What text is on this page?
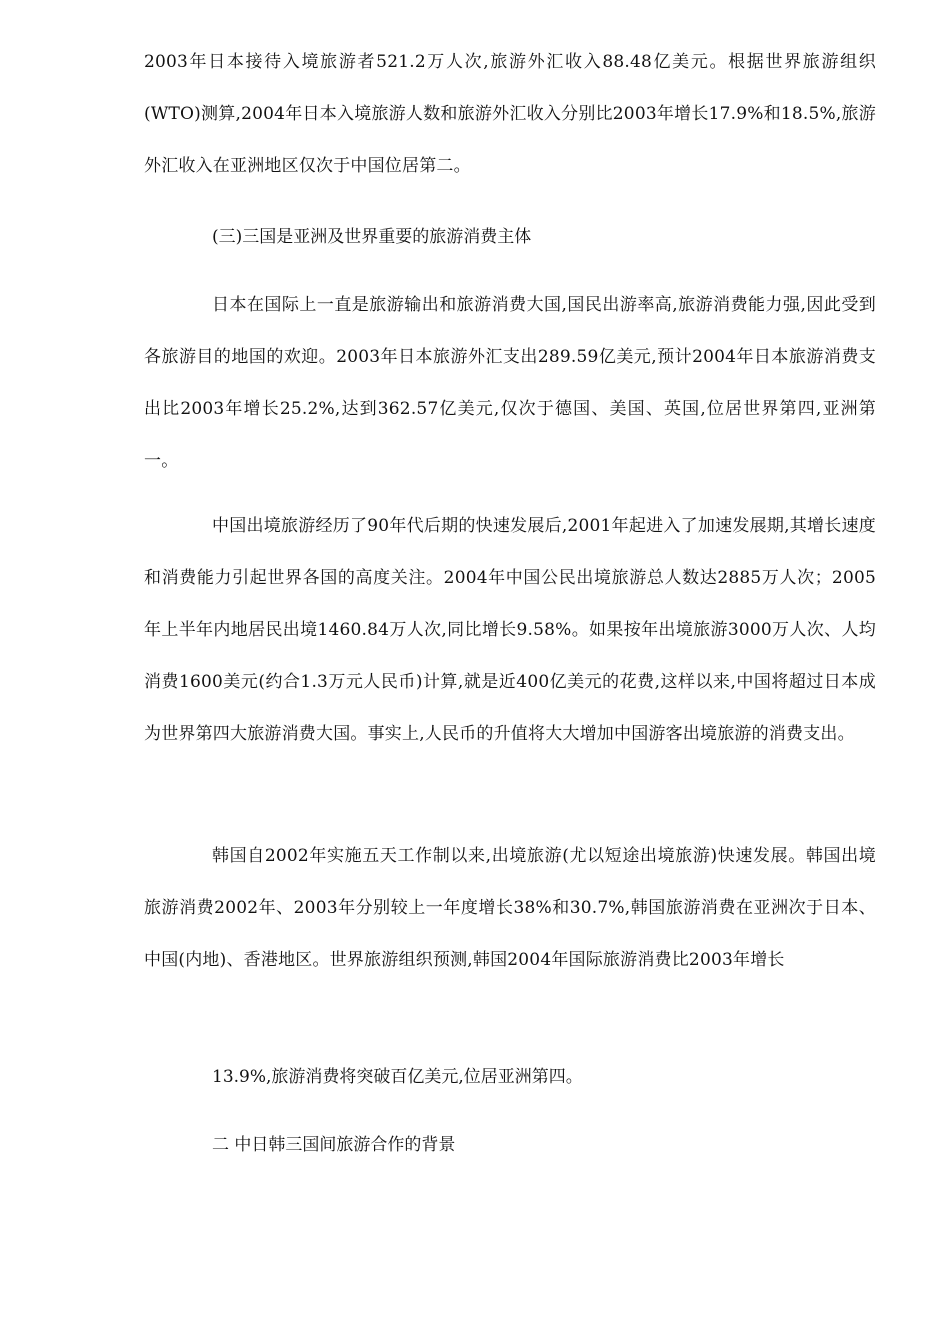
2003年日本接待入境旅游者521.2万人次,旅游外汇收入88.48亿美元。根据世界旅游组织(WTO)测算,2004年日本入境旅游人数和旅游外汇收入分别比2003年增长17.9%和18.5%,旅游外汇收入在亚洲地区仅次于中国位居第二。

(三)三国是亚洲及世界重要的旅游消费主体

日本在国际上一直是旅游输出和旅游消费大国,国民出游率高,旅游消费能力强,因此受到各旅游目的地国的欢迎。2003年日本旅游外汇支出289.59亿美元,预计2004年日本旅游消费支出比2003年增长25.2%,达到362.57亿美元,仅次于德国、美国、英国,位居世界第四,亚洲第一。

中国出境旅游经历了90年代后期的快速发展后,2001年起进入了加速发展期,其增长速度和消费能力引起世界各国的高度关注。2004年中国公民出境旅游总人数达2885万人次；2005年上半年内地居民出境1460.84万人次,同比增长9.58%。如果按年出境旅游3000万人次、人均消费1600美元(约合1.3万元人民币)计算,就是近400亿美元的花费,这样以来,中国将超过日本成为世界第四大旅游消费大国。事实上,人民币的升值将大大增加中国游客出境旅游的消费支出。

韩国自2002年实施五天工作制以来,出境旅游(尤以短途出境旅游)快速发展。韩国出境旅游消费2002年、2003年分别较上一年度增长38%和30.7%,韩国旅游消费在亚洲次于日本、中国(内地)、香港地区。世界旅游组织预测,韩国2004年国际旅游消费比2003年增长

13.9%,旅游消费将突破百亿美元,位居亚洲第四。

二 中日韩三国间旅游合作的背景
